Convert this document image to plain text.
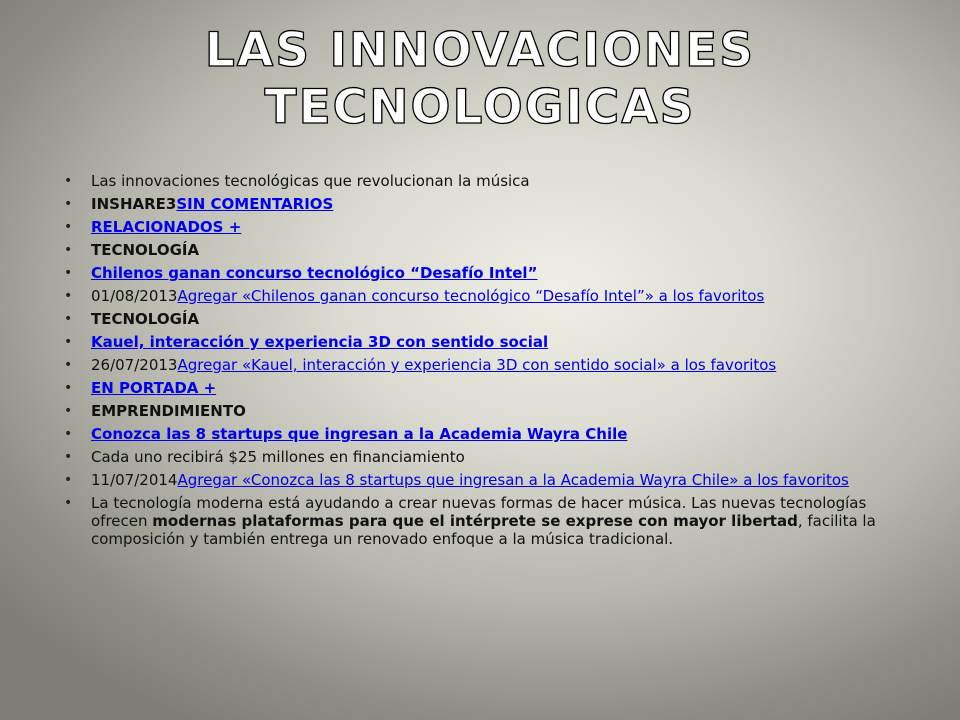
LAS INNOVACIONES TECNOLOGICAS
• Las innovaciones tecnológicas que revolucionan la música
• INSHARE3SIN COMENTARIOS
• RELACIONADOS +
• TECNOLOGÍA
• Chilenos ganan concurso tecnológico “Desafío Intel”
• 01/08/2013Agregar «Chilenos ganan concurso tecnológico “Desafío Intel”» a los favoritos
• TECNOLOGÍA
• Kauel, interacción y experiencia 3D con sentido social
• 26/07/2013Agregar «Kauel, interacción y experiencia 3D con sentido social» a los favoritos
• EN PORTADA +
• EMPRENDIMIENTO
• Conozca las 8 startups que ingresan a la Academia Wayra Chile
• Cada uno recibirá $25 millones en financiamiento
• 11/07/2014Agregar «Conozca las 8 startups que ingresan a la Academia Wayra Chile» a los favoritos
• La tecnología moderna está ayudando a crear nuevas formas de hacer música. Las nuevas tecnologías ofrecen modernas plataformas para que el intérprete se exprese con mayor libertad, facilita la composición y también entrega un renovado enfoque a la música tradicional.
